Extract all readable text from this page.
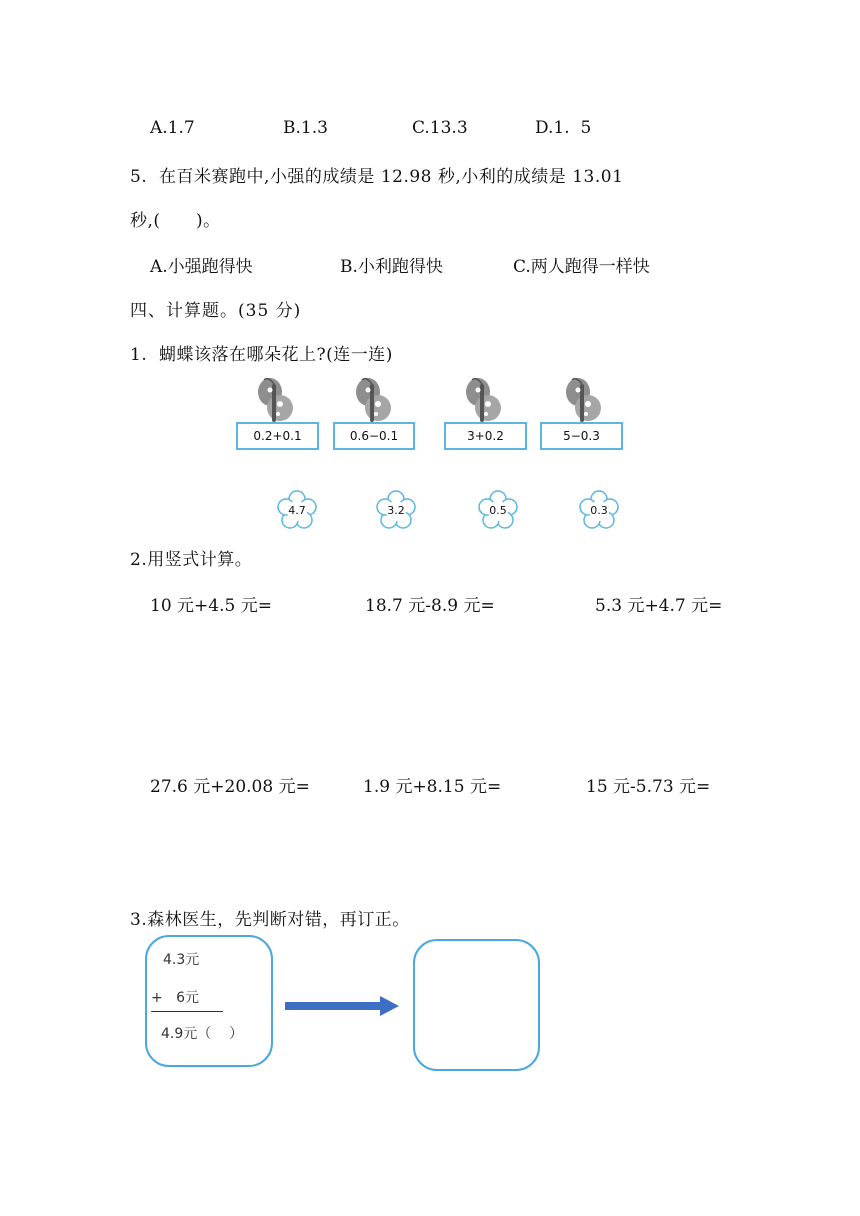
A.1.7	B.1.3	C.13.3	D.1.  5
5.  在百米赛跑中,小强的成绩是 12.98 秒,小利的成绩是 13.01
秒,(      )。
A.小强跑得快	B.小利跑得快	C.两人跑得一样快
四、计算题。(35 分)
1.  蝴蝶该落在哪朵花上?(连一连)
0.2+0.1	0.6−0.1	3+0.2	5−0.3
4.7	3.2	0.5	0.3
2.用竖式计算。
10 元+4.5 元=	18.7 元-8.9 元=	5.3 元+4.7 元=
27.6 元+20.08 元=	1.9 元+8.15 元=	15 元-5.73 元=
3.森林医生，先判断对错，再订正。
4.3元
+   6元
4.9元（    ）
